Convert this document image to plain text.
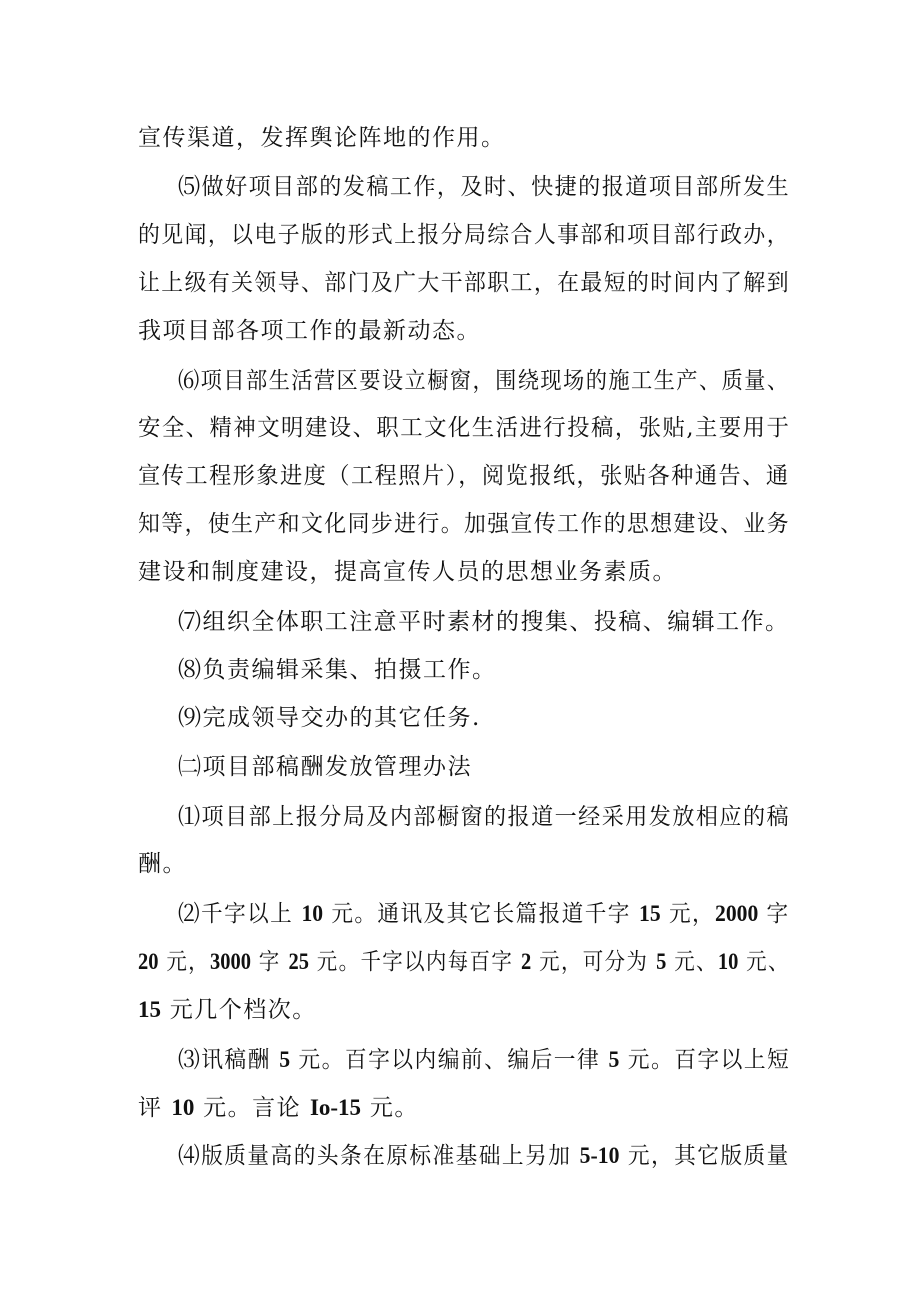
宣传渠道，发挥舆论阵地的作用。
⑸做好项目部的发稿工作，及时、快捷的报道项目部所发生
的见闻，以电子版的形式上报分局综合人事部和项目部行政办，
让上级有关领导、部门及广大干部职工，在最短的时间内了解到
我项目部各项工作的最新动态。
⑹项目部生活营区要设立橱窗，围绕现场的施工生产、质量、
安全、精神文明建设、职工文化生活进行投稿，张贴,主要用于
宣传工程形象进度（工程照片），阅览报纸，张贴各种通告、通
知等，使生产和文化同步进行。加强宣传工作的思想建设、业务
建设和制度建设，提高宣传人员的思想业务素质。
⑺组织全体职工注意平时素材的搜集、投稿、编辑工作。
⑻负责编辑采集、拍摄工作。
⑼完成领导交办的其它任务.
㈡项目部稿酬发放管理办法
⑴项目部上报分局及内部橱窗的报道一经采用发放相应的稿
酬。
⑵千字以上 10 元。通讯及其它长篇报道千字 15 元，2000 字
20 元，3000 字 25 元。千字以内每百字 2 元，可分为 5 元、10 元、
15 元几个档次。
⑶讯稿酬 5 元。百字以内编前、编后一律 5 元。百字以上短
评 10 元。言论 Io-15 元。
⑷版质量高的头条在原标准基础上另加 5-10 元，其它版质量
